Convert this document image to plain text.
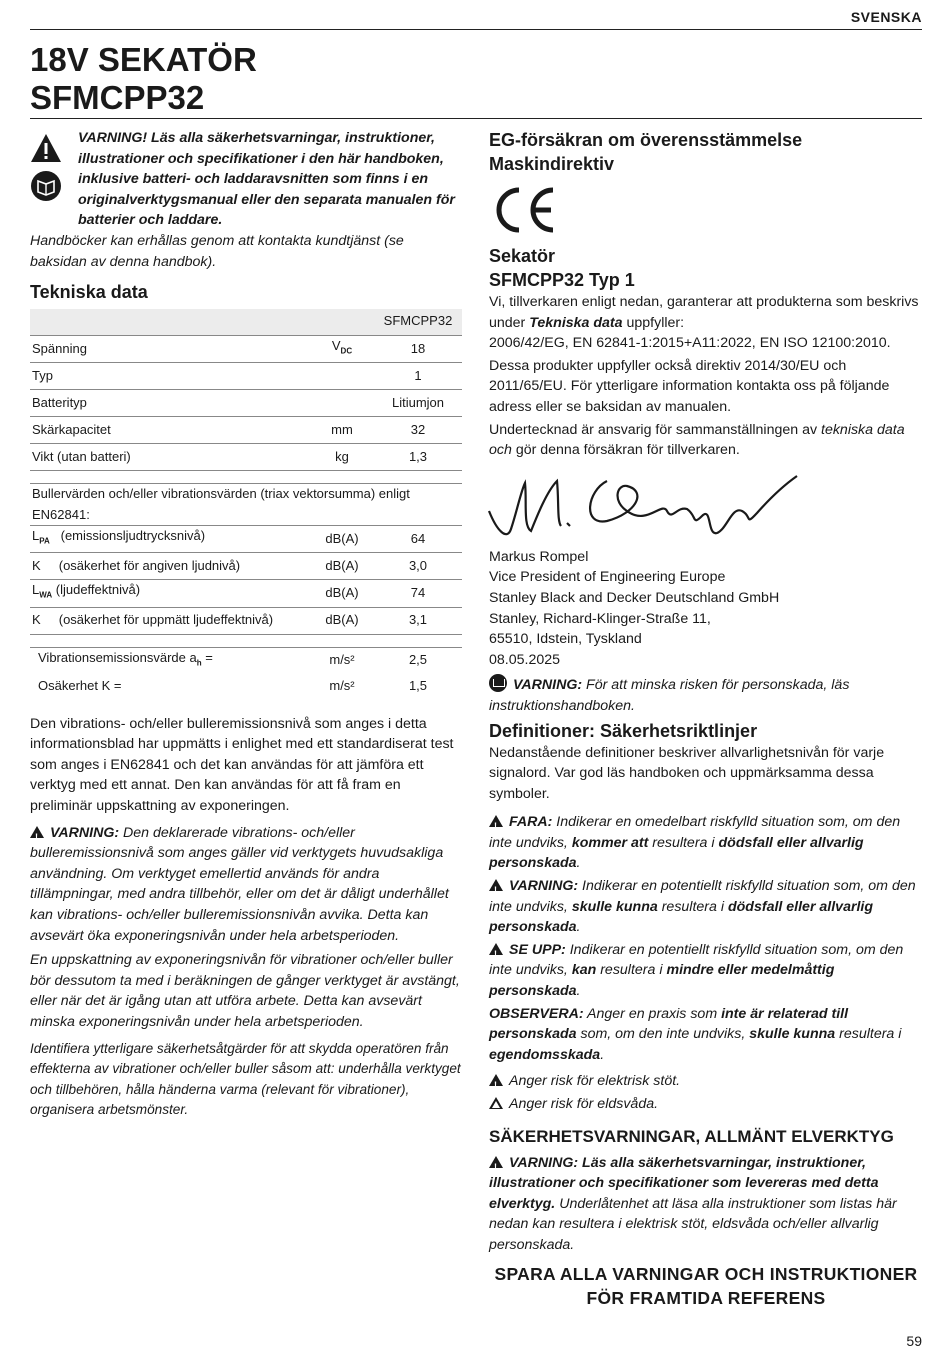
SVENSKA
18V SEKATÖR
SFMCPP32
VARNING! Läs alla säkerhetsvarningar, instruktioner, illustrationer och specifikationer i den här handboken, inklusive batteri- och laddaravsnitten som finns i en originalverktygsmanual eller den separata manualen för batterier och laddare.

Handböcker kan erhållas genom att kontakta kundtjänst (se baksidan av denna handbok).

Tekniska data
		SFMCPP32
Spänning	$V_{DC}$	18
Typ		1
Batterityp		Litiumjon
Skärkapacitet	mm	32
Vikt (utan batteri)	kg	1,3

Bullervärden och/eller vibrationsvärden (triax vektorsumma) enligt EN62841:		
$L_{PA}$ (emissionsljudtrycksnivå)	dB(A)	64
K (osäkerhet för angiven ljudnivå)	dB(A)	3,0
$L_{WA}$ (ljudeffektnivå)	dB(A)	74
K (osäkerhet för uppmätt ljudeffektnivå)	dB(A)	3,1

Vibrationsemissionsvärde $a_h$ =	m/s²	2,5
Osäkerhet K =	m/s²	1,5

Den vibrations- och/eller bulleremissionsnivå som anges i detta informationsblad har uppmätts i enlighet med ett standardiserat test som anges i EN62841 och det kan användas för att jämföra ett verktyg med ett annat. Den kan användas för att få fram en preliminär uppskattning av exponeringen.

!VARNING: Den deklarerade vibrations- och/eller bulleremissionsnivå som anges gäller vid verktygets huvudsakliga användning. Om verktyget emellertid används för andra tillämpningar, med andra tillbehör, eller om det är dåligt underhållet kan vibrations- och/eller bulleremissionsnivån avvika. Detta kan avsevärt öka exponeringsnivån under hela arbetsperioden.

En uppskattning av exponeringsnivån för vibrationer och/eller buller bör dessutom ta med i beräkningen de gånger verktyget är avstängt, eller när det är igång utan att utföra arbete. Detta kan avsevärt minska exponeringsnivån under hela arbetsperioden.

Identifiera ytterligare säkerhetsåtgärder för att skydda operatören från effekterna av vibrationer och/eller buller såsom att: underhålla verktyget och tillbehören, hålla händerna varma (relevant för vibrationer), organisera arbetsmönster.

EG-försäkran om överensstämmelse
Maskindirektiv
Sekatör
SFMCPP32 Typ 1

Vi, tillverkaren enligt nedan, garanterar att produkterna som beskrivs under Tekniska data uppfyller:

2006/42/EG, EN 62841-1:2015+A11:2022, EN ISO 12100:2010.

Dessa produkter uppfyller också direktiv 2014/30/EU och 2011/65/EU. För ytterligare information kontakta oss på följande adress eller se baksidan av manualen.

Undertecknad är ansvarig för sammanställningen av tekniska data och gör denna försäkran för tillverkaren.

Markus Rompel
Vice President of Engineering Europe
Stanley Black and Decker Deutschland GmbH
Stanley, Richard-Klinger-Straße 11,
65510, Idstein, Tyskland
08.05.2025

VARNING: För att minska risken för personskada, läs instruktionshandboken.

Definitioner: Säkerhetsriktlinjer

Nedanstående definitioner beskriver allvarlighetsnivån för varje signalord. Var god läs handboken och uppmärksamma dessa symboler.

!FARA: Indikerar en omedelbart riskfylld situation som, om den inte undviks, kommer att resultera i dödsfall eller allvarlig personskada.

!VARNING: Indikerar en potentiellt riskfylld situation som, om den inte undviks, skulle kunna resultera i dödsfall eller allvarlig personskada.

!SE UPP: Indikerar en potentiellt riskfylld situation som, om den inte undviks, kan resultera i mindre eller medelmåttig personskada.

OBSERVERA: Anger en praxis som inte är relaterad till personskada som, om den inte undviks, skulle kunna resultera i egendomsskada.

!Anger risk för elektrisk stöt.

Anger risk för eldsvåda.

SÄKERHETSVARNINGAR, ALLMÄNT ELVERKTYG

!VARNING: Läs alla säkerhetsvarningar, instruktioner, illustrationer och specifikationer som levereras med detta elverktyg. Underlåtenhet att läsa alla instruktioner som listas här nedan kan resultera i elektrisk stöt, eldsvåda och/eller allvarlig personskada.

SPARA ALLA VARNINGAR OCH INSTRUKTIONER
FÖR FRAMTIDA REFERENS
59
